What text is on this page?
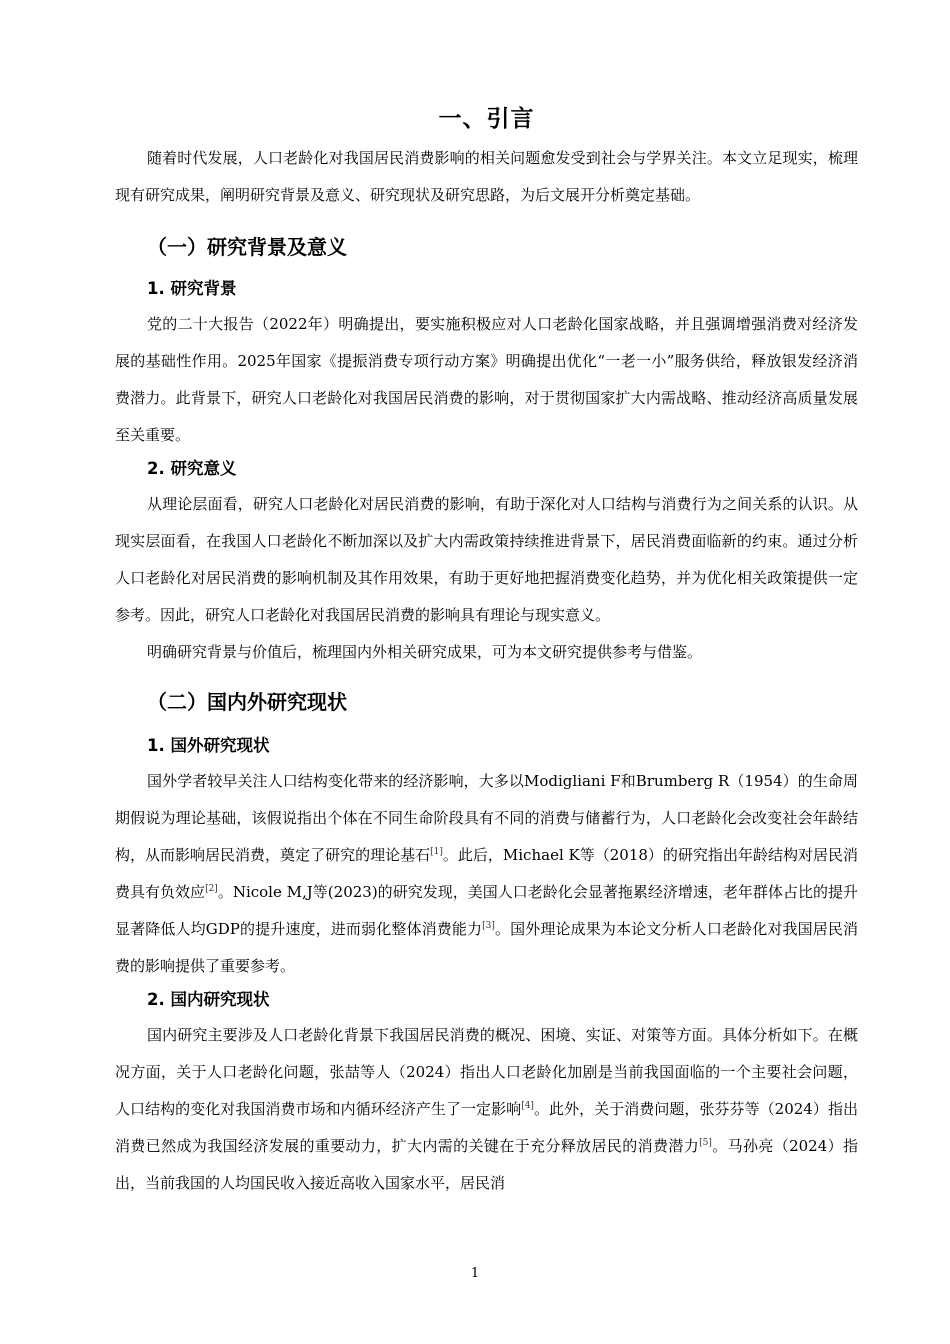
一、引言

随着时代发展，人口老龄化对我国居民消费影响的相关问题愈发受到社会与学界关注。本文立足现实，梳理现有研究成果，阐明研究背景及意义、研究现状及研究思路，为后文展开分析奠定基础。

（一）研究背景及意义
1. 研究背景

党的二十大报告（2022年）明确提出，要实施积极应对人口老龄化国家战略，并且强调增强消费对经济发展的基础性作用。2025年国家《提振消费专项行动方案》明确提出优化“一老一小”服务供给，释放银发经济消费潜力。此背景下，研究人口老龄化对我国居民消费的影响，对于贯彻国家扩大内需战略、推动经济高质量发展至关重要。

2. 研究意义

从理论层面看，研究人口老龄化对居民消费的影响，有助于深化对人口结构与消费行为之间关系的认识。从现实层面看，在我国人口老龄化不断加深以及扩大内需政策持续推进背景下，居民消费面临新的约束。通过分析人口老龄化对居民消费的影响机制及其作用效果，有助于更好地把握消费变化趋势，并为优化相关政策提供一定参考。因此，研究人口老龄化对我国居民消费的影响具有理论与现实意义。

明确研究背景与价值后，梳理国内外相关研究成果，可为本文研究提供参考与借鉴。

（二）国内外研究现状
1. 国外研究现状

国外学者较早关注人口结构变化带来的经济影响，大多以Modigliani F和Brumberg R（1954）的生命周期假说为理论基础，该假说指出个体在不同生命阶段具有不同的消费与储蓄行为，人口老龄化会改变社会年龄结构，从而影响居民消费，奠定了研究的理论基石[1]。此后，Michael K等（2018）的研究指出年龄结构对居民消费具有负效应[2]。Nicole M,J等(2023)的研究发现，美国人口老龄化会显著拖累经济增速，老年群体占比的提升显著降低人均GDP的提升速度，进而弱化整体消费能力[3]。国外理论成果为本论文分析人口老龄化对我国居民消费的影响提供了重要参考。

2. 国内研究现状

国内研究主要涉及人口老龄化背景下我国居民消费的概况、困境、实证、对策等方面。具体分析如下。在概况方面，关于人口老龄化问题，张喆等人（2024）指出人口老龄化加剧是当前我国面临的一个主要社会问题，人口结构的变化对我国消费市场和内循环经济产生了一定影响[4]。此外，关于消费问题，张芬芬等（2024）指出消费已然成为我国经济发展的重要动力，扩大内需的关键在于充分释放居民的消费潜力[5]。马孙亮（2024）指出，当前我国的人均国民收入接近高收入国家水平，居民消

1
